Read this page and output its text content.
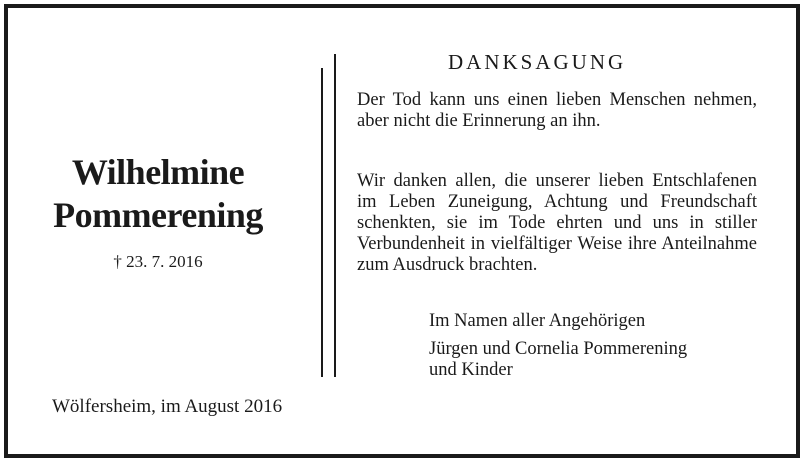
Wilhelmine
Pommerening
† 23. 7. 2016
Wölfersheim, im August 2016
DANKSAGUNG
Der Tod kann uns einen lieben Menschen nehmen, aber nicht die Erinnerung an ihn.
Wir danken allen, die unserer lieben Entschlafenen im Leben Zuneigung, Achtung und Freundschaft schenkten, sie im Tode ehrten und uns in stiller Verbundenheit in vielfältiger Weise ihre Anteilnahme zum Ausdruck brachten.
Im Namen aller Angehörigen
Jürgen und Cornelia Pommerening
und Kinder
